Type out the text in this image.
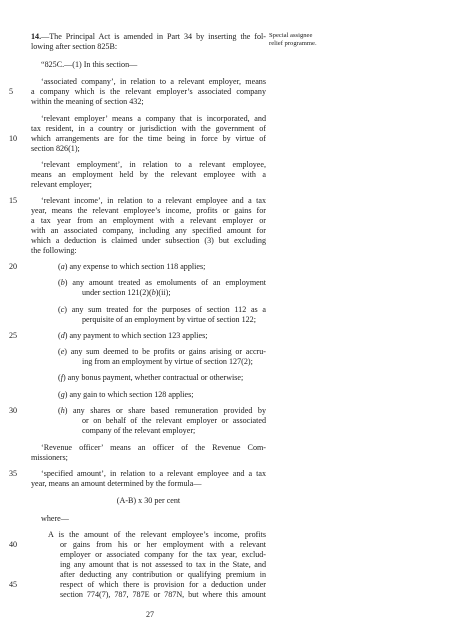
Special assignee
relief programme.
14.—The Principal Act is amended in Part 34 by inserting the fol-
lowing after section 825B:
“825C.—(1) In this section—
‘associated company’, in relation to a relevant employer, means
a company which is the relevant employer’s associated company
within the meaning of section 432;
‘relevant employer’ means a company that is incorporated, and
tax resident, in a country or jurisdiction with the government of
which arrangements are for the time being in force by virtue of
section 826(1);
‘relevant employment’, in relation to a relevant employee,
means an employment held by the relevant employee with a
relevant employer;
‘relevant income’, in relation to a relevant employee and a tax
year, means the relevant employee’s income, profits or gains for
a tax year from an employment with a relevant employer or
with an associated company, including any specified amount for
which a deduction is claimed under subsection (3) but excluding
the following:
(a) any expense to which section 118 applies;
(b) any amount treated as emoluments of an employment
under section 121(2)(b)(ii);
(c) any sum treated for the purposes of section 112 as a
perquisite of an employment by virtue of section 122;
(d) any payment to which section 123 applies;
(e) any sum deemed to be profits or gains arising or accru-
ing from an employment by virtue of section 127(2);
(f) any bonus payment, whether contractual or otherwise;
(g) any gain to which section 128 applies;
(h) any shares or share based remuneration provided by
or on behalf of the relevant employer or associated
company of the relevant employer;
‘Revenue officer’ means an officer of the Revenue Com-
missioners;
‘specified amount’, in relation to a relevant employee and a tax
year, means an amount determined by the formula—
(A-B) x 30 per cent
where—
A is the amount of the relevant employee’s income, profits
or gains from his or her employment with a relevant
employer or associated company for the tax year, exclud-
ing any amount that is not assessed to tax in the State, and
after deducting any contribution or qualifying premium in
respect of which there is provision for a deduction under
section 774(7), 787, 787E or 787N, but where this amount
5
10
15
20
25
30
35
40
45
27
